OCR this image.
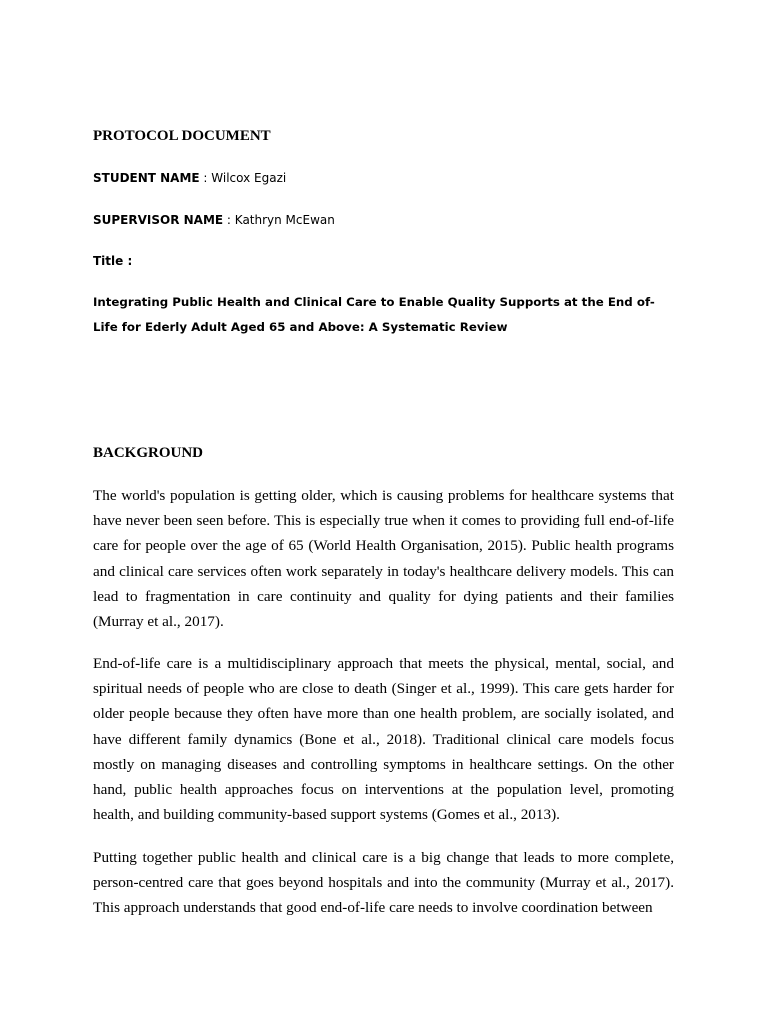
PROTOCOL DOCUMENT
STUDENT NAME : Wilcox Egazi
SUPERVISOR NAME : Kathryn McEwan
Title :
Integrating Public Health and Clinical Care to Enable Quality Supports at the End of-Life for Ederly Adult Aged 65 and Above: A Systematic Review
BACKGROUND

The world's population is getting older, which is causing problems for healthcare systems that have never been seen before. This is especially true when it comes to providing full end-of-life care for people over the age of 65 (World Health Organisation, 2015). Public health programs and clinical care services often work separately in today's healthcare delivery models. This can lead to fragmentation in care continuity and quality for dying patients and their families (Murray et al., 2017).

End-of-life care is a multidisciplinary approach that meets the physical, mental, social, and spiritual needs of people who are close to death (Singer et al., 1999). This care gets harder for older people because they often have more than one health problem, are socially isolated, and have different family dynamics (Bone et al., 2018). Traditional clinical care models focus mostly on managing diseases and controlling symptoms in healthcare settings. On the other hand, public health approaches focus on interventions at the population level, promoting health, and building community-based support systems (Gomes et al., 2013).

Putting together public health and clinical care is a big change that leads to more complete, person-centred care that goes beyond hospitals and into the community (Murray et al., 2017). This approach understands that good end-of-life care needs to involve coordination between
